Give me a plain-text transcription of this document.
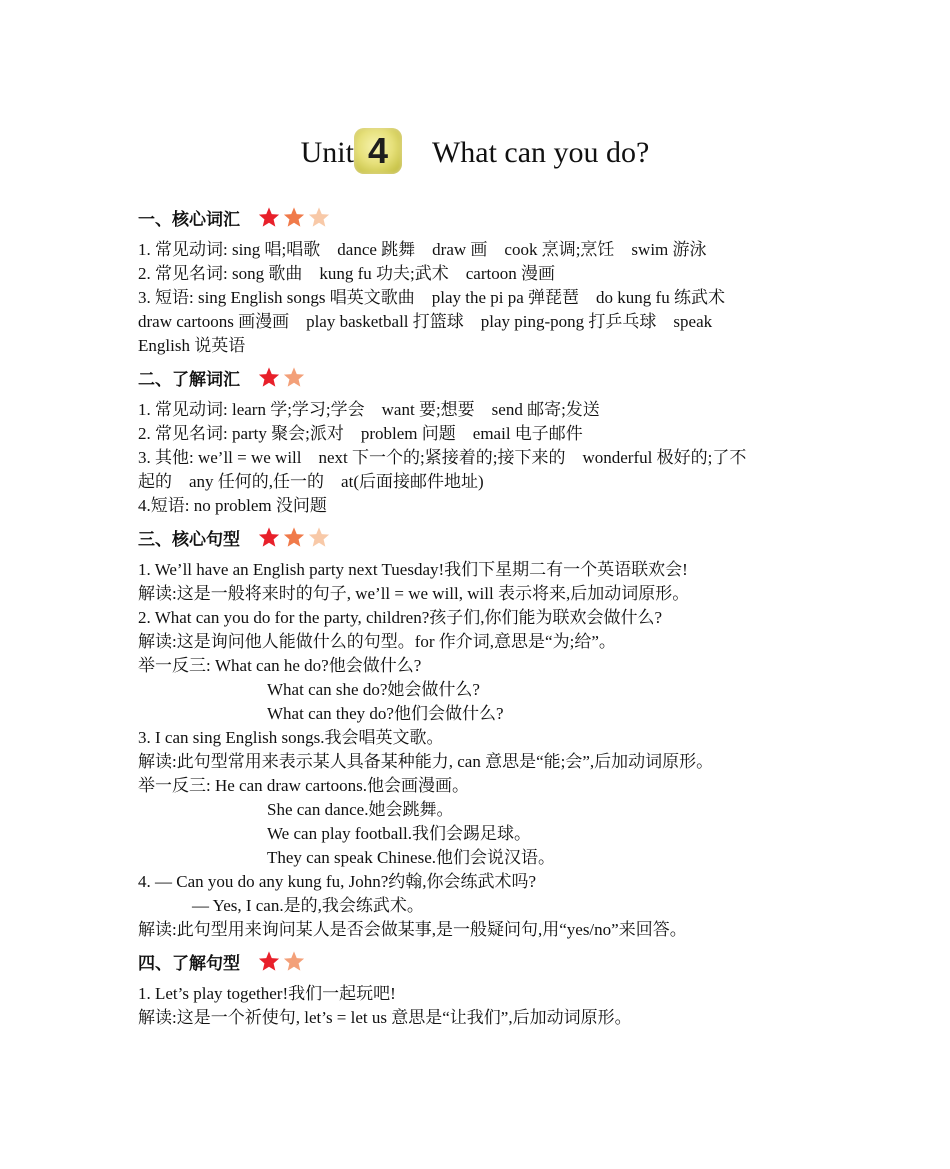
Unit 4 What can you do?
一、核心词汇
1. 常见动词: sing 唱;唱歌　dance 跳舞　draw 画　cook 烹调;烹饪　swim 游泳
2. 常见名词: song 歌曲　kung fu 功夫;武术　cartoon 漫画
3. 短语: sing English songs 唱英文歌曲　play the pi pa 弹琵琶　do kung fu 练武术
draw cartoons 画漫画　play basketball 打篮球　play ping-pong 打乒乓球　speak
English 说英语
二、了解词汇
1. 常见动词: learn 学;学习;学会　want 要;想要　send 邮寄;发送
2. 常见名词: party 聚会;派对　problem 问题　email 电子邮件
3. 其他: we’ll = we will　next 下一个的;紧接着的;接下来的　wonderful 极好的;了不
起的　any 任何的,任一的　at(后面接邮件地址)
4.短语: no problem 没问题
三、核心句型
1. We’ll have an English party next Tuesday!我们下星期二有一个英语联欢会!
解读:这是一般将来时的句子, we’ll = we will, will 表示将来,后加动词原形。
2. What can you do for the party, children?孩子们,你们能为联欢会做什么?
解读:这是询问他人能做什么的句型。for 作介词,意思是“为;给”。
举一反三: What can he do?他会做什么?
What can she do?她会做什么?
What can they do?他们会做什么?
3. I can sing English songs.我会唱英文歌。
解读:此句型常用来表示某人具备某种能力, can 意思是“能;会”,后加动词原形。
举一反三: He can draw cartoons.他会画漫画。
She can dance.她会跳舞。
We can play football.我们会踢足球。
They can speak Chinese.他们会说汉语。
4. — Can you do any kung fu, John?约翰,你会练武术吗?
— Yes, I can.是的,我会练武术。
解读:此句型用来询问某人是否会做某事,是一般疑问句,用“yes/no”来回答。
四、了解句型
1. Let’s play together!我们一起玩吧!
解读:这是一个祈使句, let’s = let us 意思是“让我们”,后加动词原形。
